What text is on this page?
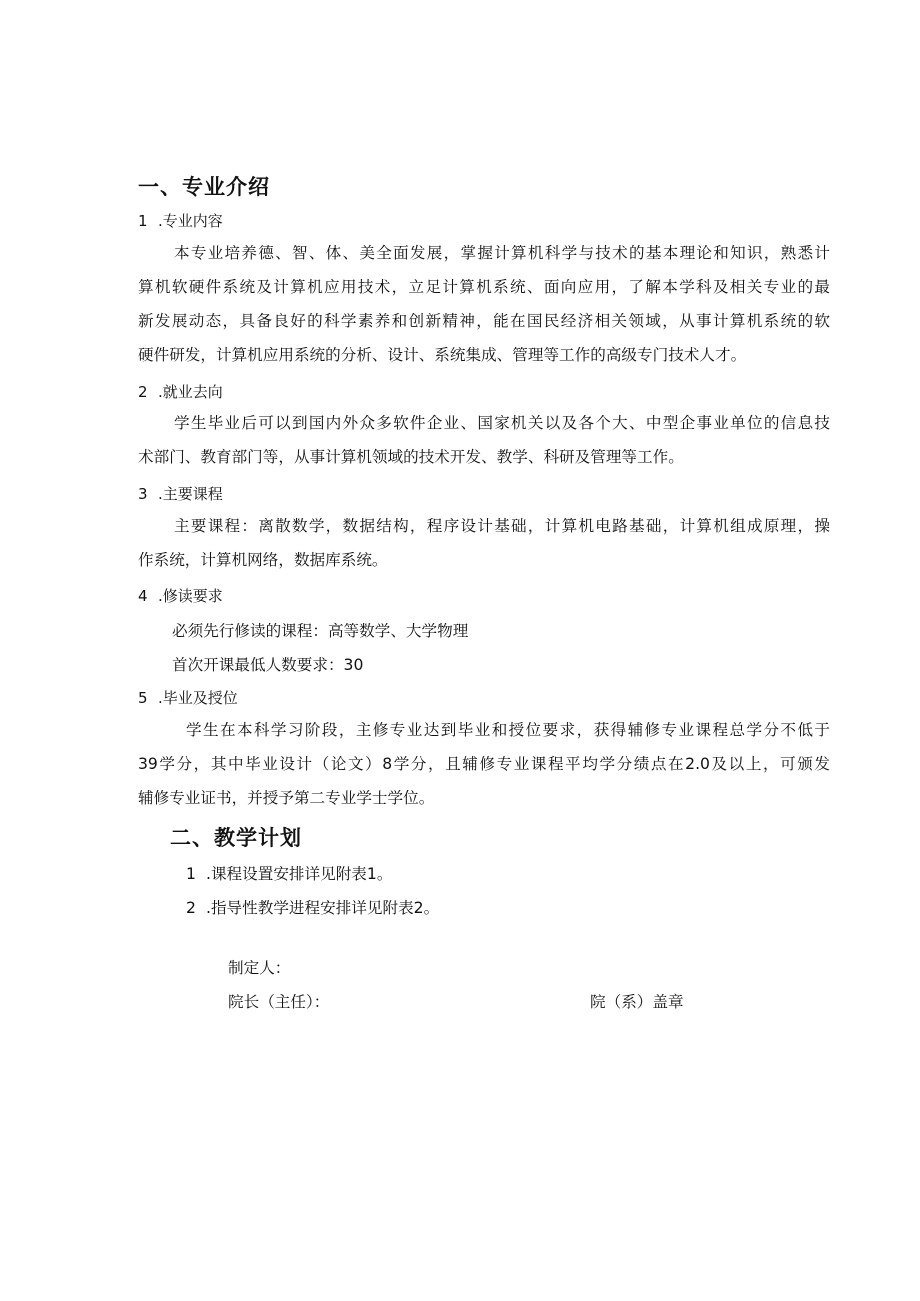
一、专业介绍
1 .专业内容
本专业培养德、智、体、美全面发展，掌握计算机科学与技术的基本理论和知识，熟悉计
算机软硬件系统及计算机应用技术，立足计算机系统、面向应用，了解本学科及相关专业的最
新发展动态，具备良好的科学素养和创新精神，能在国民经济相关领域，从事计算机系统的软
硬件研发，计算机应用系统的分析、设计、系统集成、管理等工作的高级专门技术人才。
2 .就业去向
学生毕业后可以到国内外众多软件企业、国家机关以及各个大、中型企事业单位的信息技
术部门、教育部门等，从事计算机领域的技术开发、教学、科研及管理等工作。
3 .主要课程
主要课程：离散数学，数据结构，程序设计基础，计算机电路基础，计算机组成原理，操
作系统，计算机网络，数据库系统。
4 .修读要求
必须先行修读的课程：高等数学、大学物理
首次开课最低人数要求：30
5 .毕业及授位
学生在本科学习阶段，主修专业达到毕业和授位要求，获得辅修专业课程总学分不低于
39学分，其中毕业设计（论文）8学分，且辅修专业课程平均学分绩点在2.0及以上，可颁发
辅修专业证书，并授予第二专业学士学位。
二、教学计划
1 .课程设置安排详见附表1。
2 .指导性教学进程安排详见附表2。
制定人：
院长（主任）：	院（系）盖章
